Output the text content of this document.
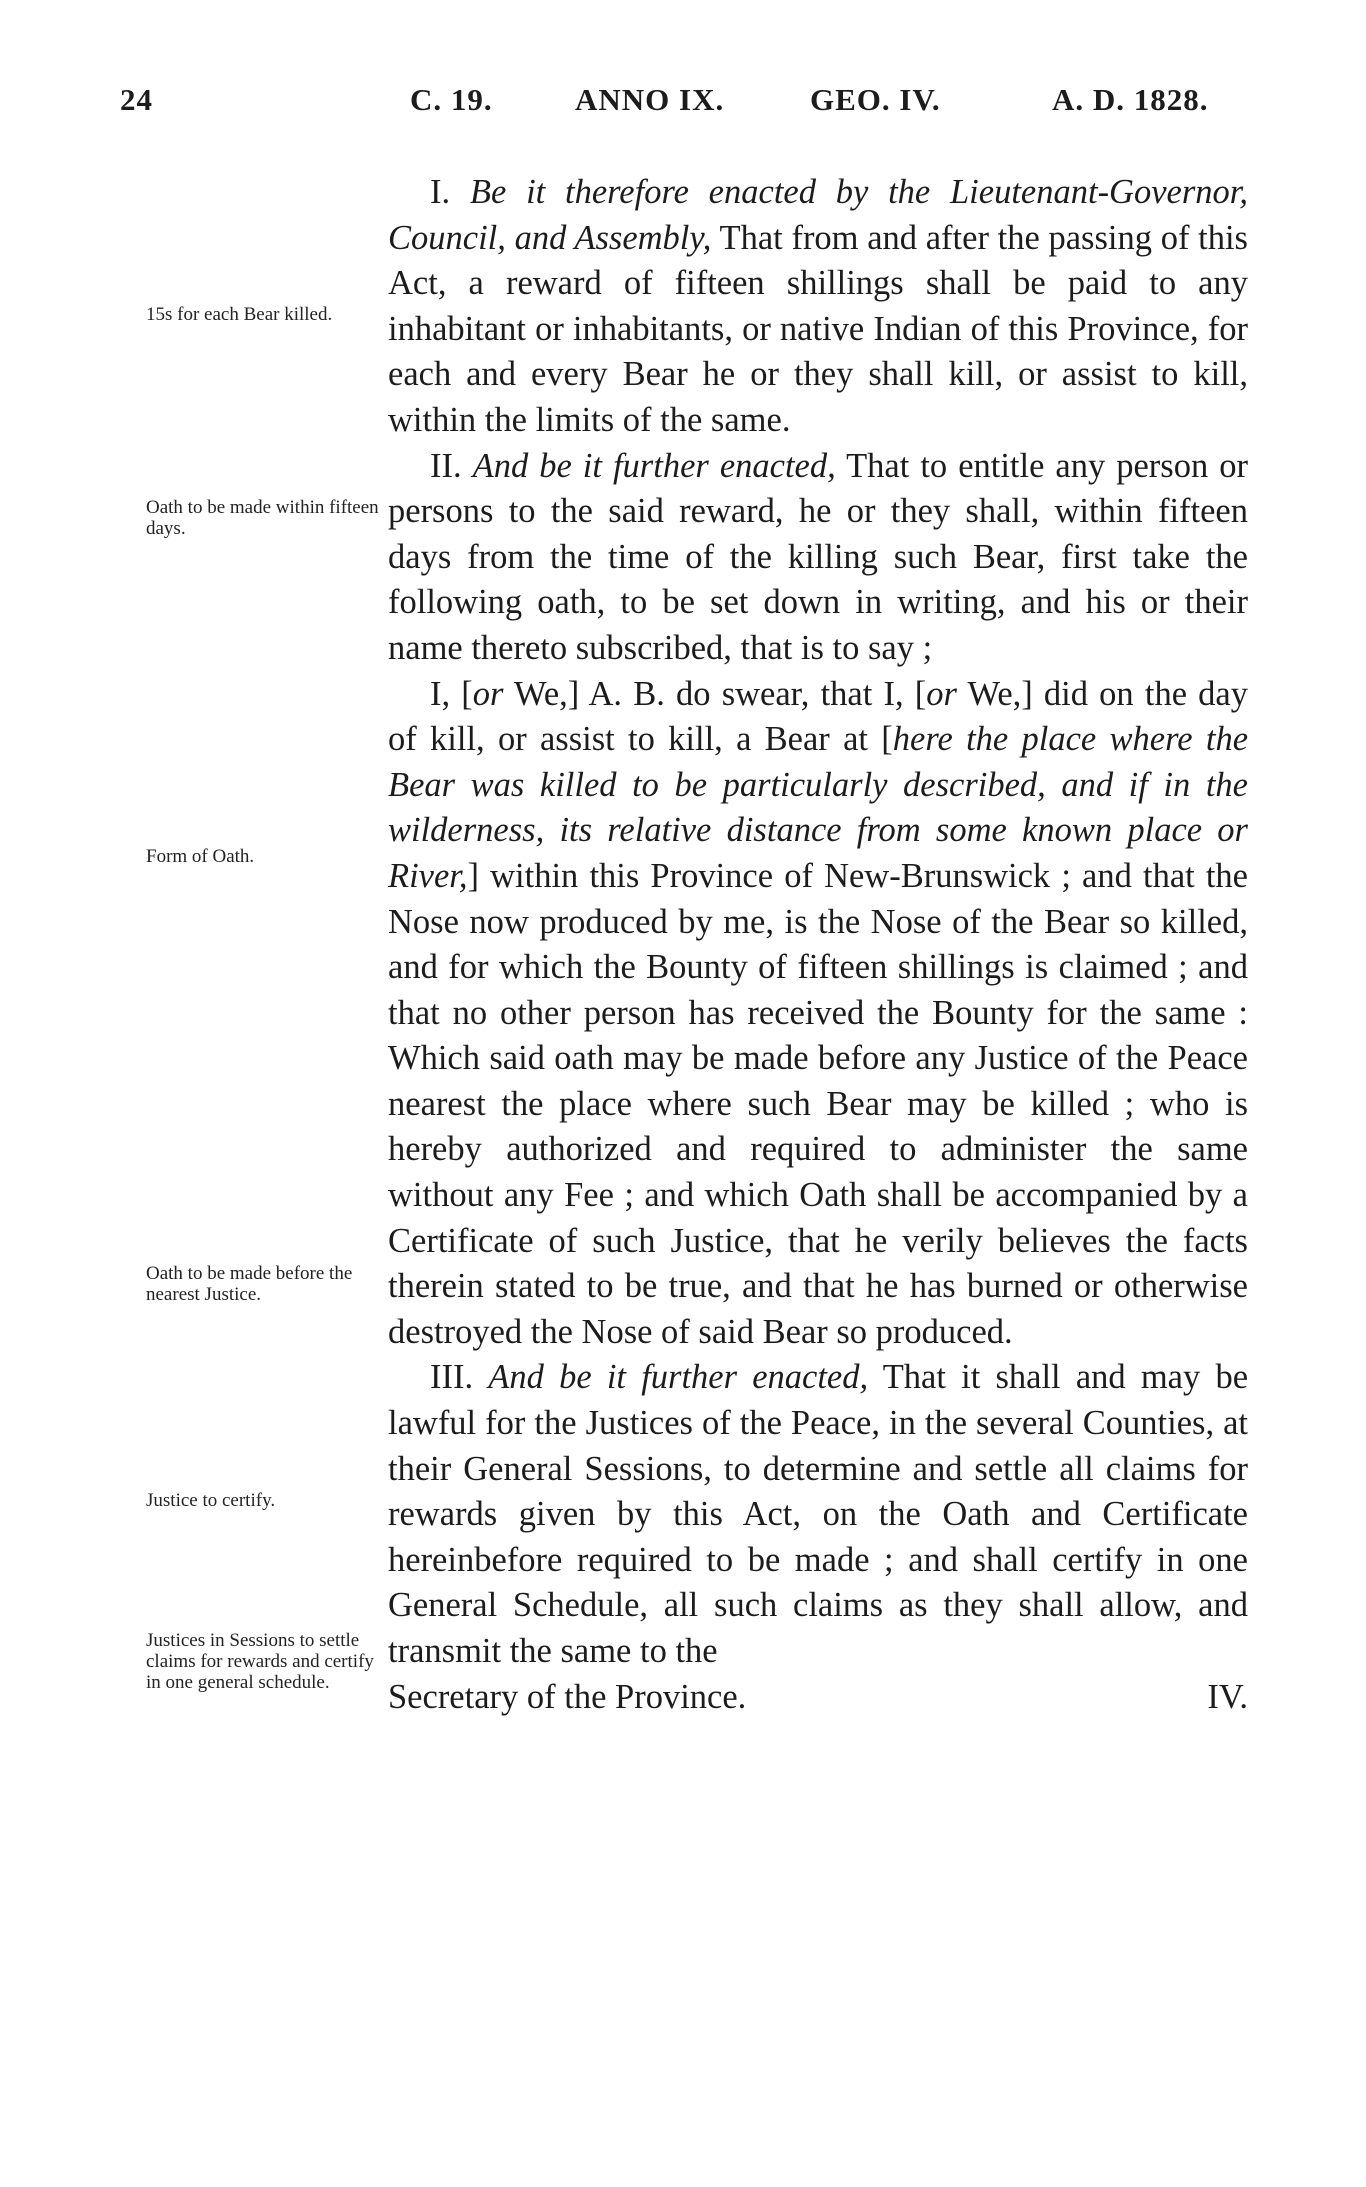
24	C. 19.	ANNO IX.	GEO. IV.	A. D. 1828.
15s for each Bear killed.
Oath to be made within fifteen days.
Form of Oath.
Oath to be made before the nearest Justice.
Justice to certify.
Justices in Sessions to settle claims for rewards and certify in one general schedule.

I. Be it therefore enacted by the Lieutenant-Governor, Council, and Assembly, That from and after the passing of this Act, a reward of fifteen shillings shall be paid to any inhabitant or inhabitants, or native Indian of this Province, for each and every Bear he or they shall kill, or assist to kill, within the limits of the same.

II. And be it further enacted, That to entitle any person or persons to the said reward, he or they shall, within fifteen days from the time of the killing such Bear, first take the following oath, to be set down in writing, and his or their name thereto subscribed, that is to say ;

I, [or We,] A. B. do swear, that I, [or We,] did on the day of kill, or assist to kill, a Bear at [here the place where the Bear was killed to be particularly described, and if in the wilderness, its relative distance from some known place or River,] within this Province of New-Brunswick ; and that the Nose now produced by me, is the Nose of the Bear so killed, and for which the Bounty of fifteen shillings is claimed ; and that no other person has received the Bounty for the same : Which said oath may be made before any Justice of the Peace nearest the place where such Bear may be killed ; who is hereby authorized and required to administer the same without any Fee ; and which Oath shall be accompanied by a Certificate of such Justice, that he verily believes the facts therein stated to be true, and that he has burned or otherwise destroyed the Nose of said Bear so produced.

III. And be it further enacted, That it shall and may be lawful for the Justices of the Peace, in the several Counties, at their General Sessions, to determine and settle all claims for rewards given by this Act, on the Oath and Certificate hereinbefore required to be made ; and shall certify in one General Schedule, all such claims as they shall allow, and transmit the same to the

Secretary of the Province.	IV.
